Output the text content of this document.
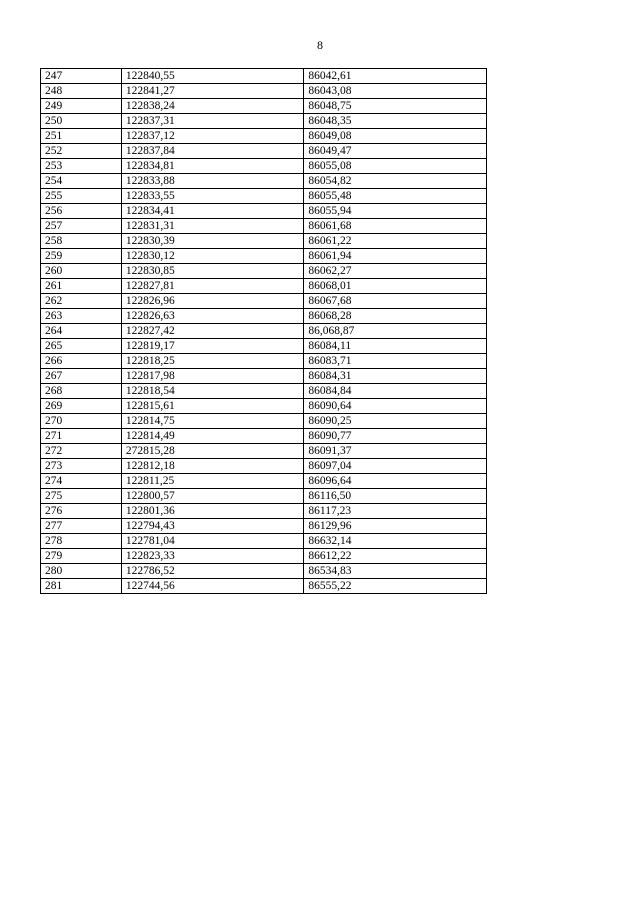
8
247	122840,55	86042,61
248	122841,27	86043,08
249	122838,24	86048,75
250	122837,31	86048,35
251	122837,12	86049,08
252	122837,84	86049,47
253	122834,81	86055,08
254	122833,88	86054,82
255	122833,55	86055,48
256	122834,41	86055,94
257	122831,31	86061,68
258	122830,39	86061,22
259	122830,12	86061,94
260	122830,85	86062,27
261	122827,81	86068,01
262	122826,96	86067,68
263	122826,63	86068,28
264	122827,42	86,068,87
265	122819,17	86084,11
266	122818,25	86083,71
267	122817,98	86084,31
268	122818,54	86084,84
269	122815,61	86090,64
270	122814,75	86090,25
271	122814,49	86090,77
272	272815,28	86091,37
273	122812,18	86097,04
274	122811,25	86096,64
275	122800,57	86116,50
276	122801,36	86117,23
277	122794,43	86129,96
278	122781,04	86632,14
279	122823,33	86612,22
280	122786,52	86534,83
281	122744,56	86555,22
